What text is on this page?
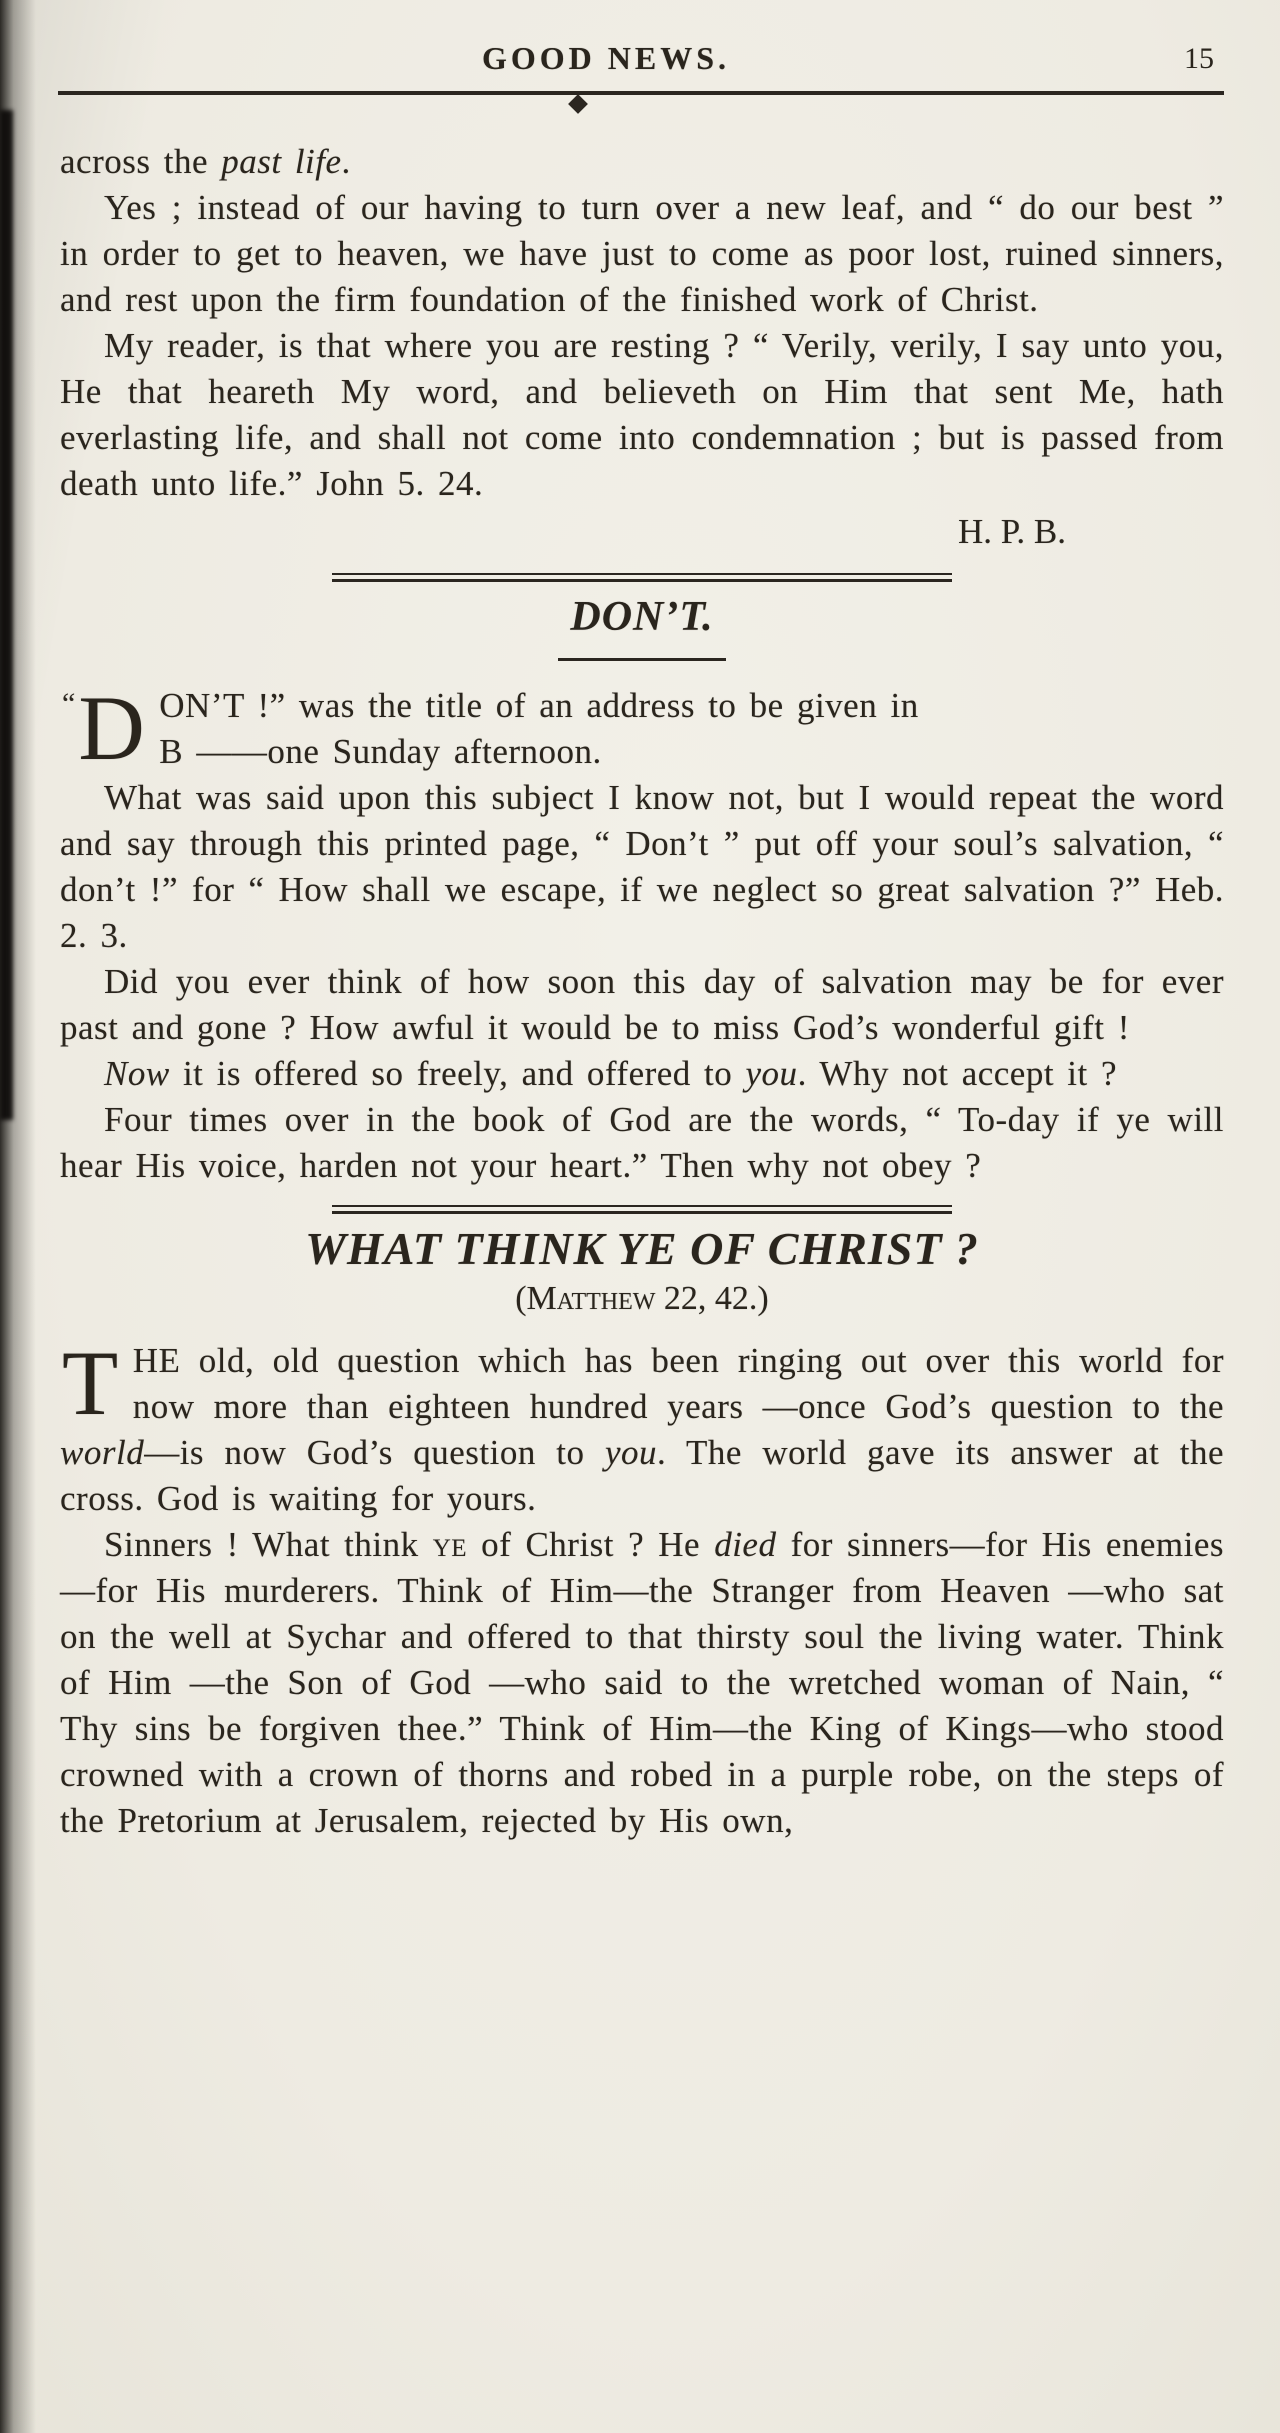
GOOD NEWS.	15

across the past life.

Yes ; instead of our having to turn over a new leaf, and “ do our best ” in order to get to heaven, we have just to come as poor lost, ruined sinners, and rest upon the firm foundation of the finished work of Christ.

My reader, is that where you are resting ? “ Verily, verily, I say unto you, He that heareth My word, and believeth on Him that sent Me, hath everlasting life, and shall not come into condemnation ; but is passed from death unto life.” John 5. 24.

H. P. B.
DON’T.

“ D ON’T !” was the title of an address to be given in
B ——one Sunday afternoon.

What was said upon this subject I know not, but I would repeat the word and say through this printed page, “ Don’t ” put off your soul’s salvation, “ don’t !” for “ How shall we escape, if we neglect so great salvation ?” Heb. 2. 3.

Did you ever think of how soon this day of salvation may be for ever past and gone ? How awful it would be to miss God’s wonderful gift !

Now it is offered so freely, and offered to you. Why not accept it ?

Four times over in the book of God are the words, “ To-day if ye will hear His voice, harden not your heart.” Then why not obey ?

WHAT THINK YE OF CHRIST ?
(Matthew 22, 42.)

T HE old, old question which has been ringing out over this world for now more than eighteen hundred years —once God’s question to the world—is now God’s question to you. The world gave its answer at the cross. God is waiting for yours.

Sinners ! What think ye of Christ ? He died for sinners—for His enemies—for His murderers. Think of Him—the Stranger from Heaven —who sat on the well at Sychar and offered to that thirsty soul the living water. Think of Him —the Son of God —who said to the wretched woman of Nain, “ Thy sins be forgiven thee.” Think of Him—the King of Kings—who stood crowned with a crown of thorns and robed in a purple robe, on the steps of the Pretorium at Jerusalem, rejected by His own,
